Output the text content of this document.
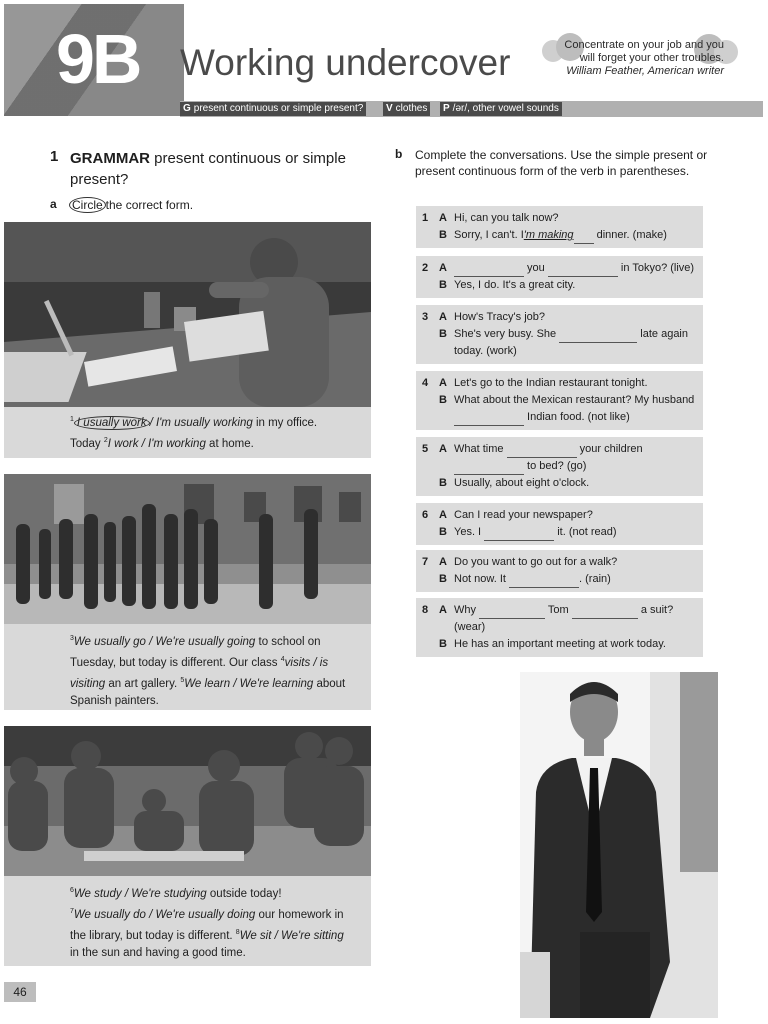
9B Working undercover	Concentrate on your job and you
will forget your other troubles.
William Feather, American writer
G present continuous or simple present?	V clothes	P /ər/, other vowel sounds
1 GRAMMAR present continuous or simple present?
a Circle the correct form.
$^1$ I usually work / I'm usually working in my office.
Today $^2$I work / I'm working at home.
$^3$We usually go / We're usually going to school on Tuesday, but today is different. Our class $^4$visits / is visiting an art gallery. $^5$We learn / We're learning about Spanish painters.
$^6$We study / We're studying outside today!
$^7$We usually do / We're usually doing our homework in the library, but today is different. $^8$We sit / We're sitting in the sun and having a good time.
b Complete the conversations. Use the simple present or present continuous form of the verb in parentheses.
1 A Hi, can you talk now?
B Sorry, I can't. I'm making dinner. (make)
2 A	you	in Tokyo? (live)
B Yes, I do. It's a great city.
3 A How's Tracy's job?
B She's very busy. She	late again today. (work)
4 A Let's go to the Indian restaurant tonight.
B What about the Mexican restaurant? My husband  Indian food. (not like)
5 A What time	your children
to bed? (go)
B Usually, about eight o'clock.
6 A Can I read your newspaper?
B Yes. I	it. (not read)
7 A Do you want to go out for a walk?
B Not now. It	. (rain)
8 A Why	Tom	a suit? (wear)
B He has an important meeting at work today.
46
